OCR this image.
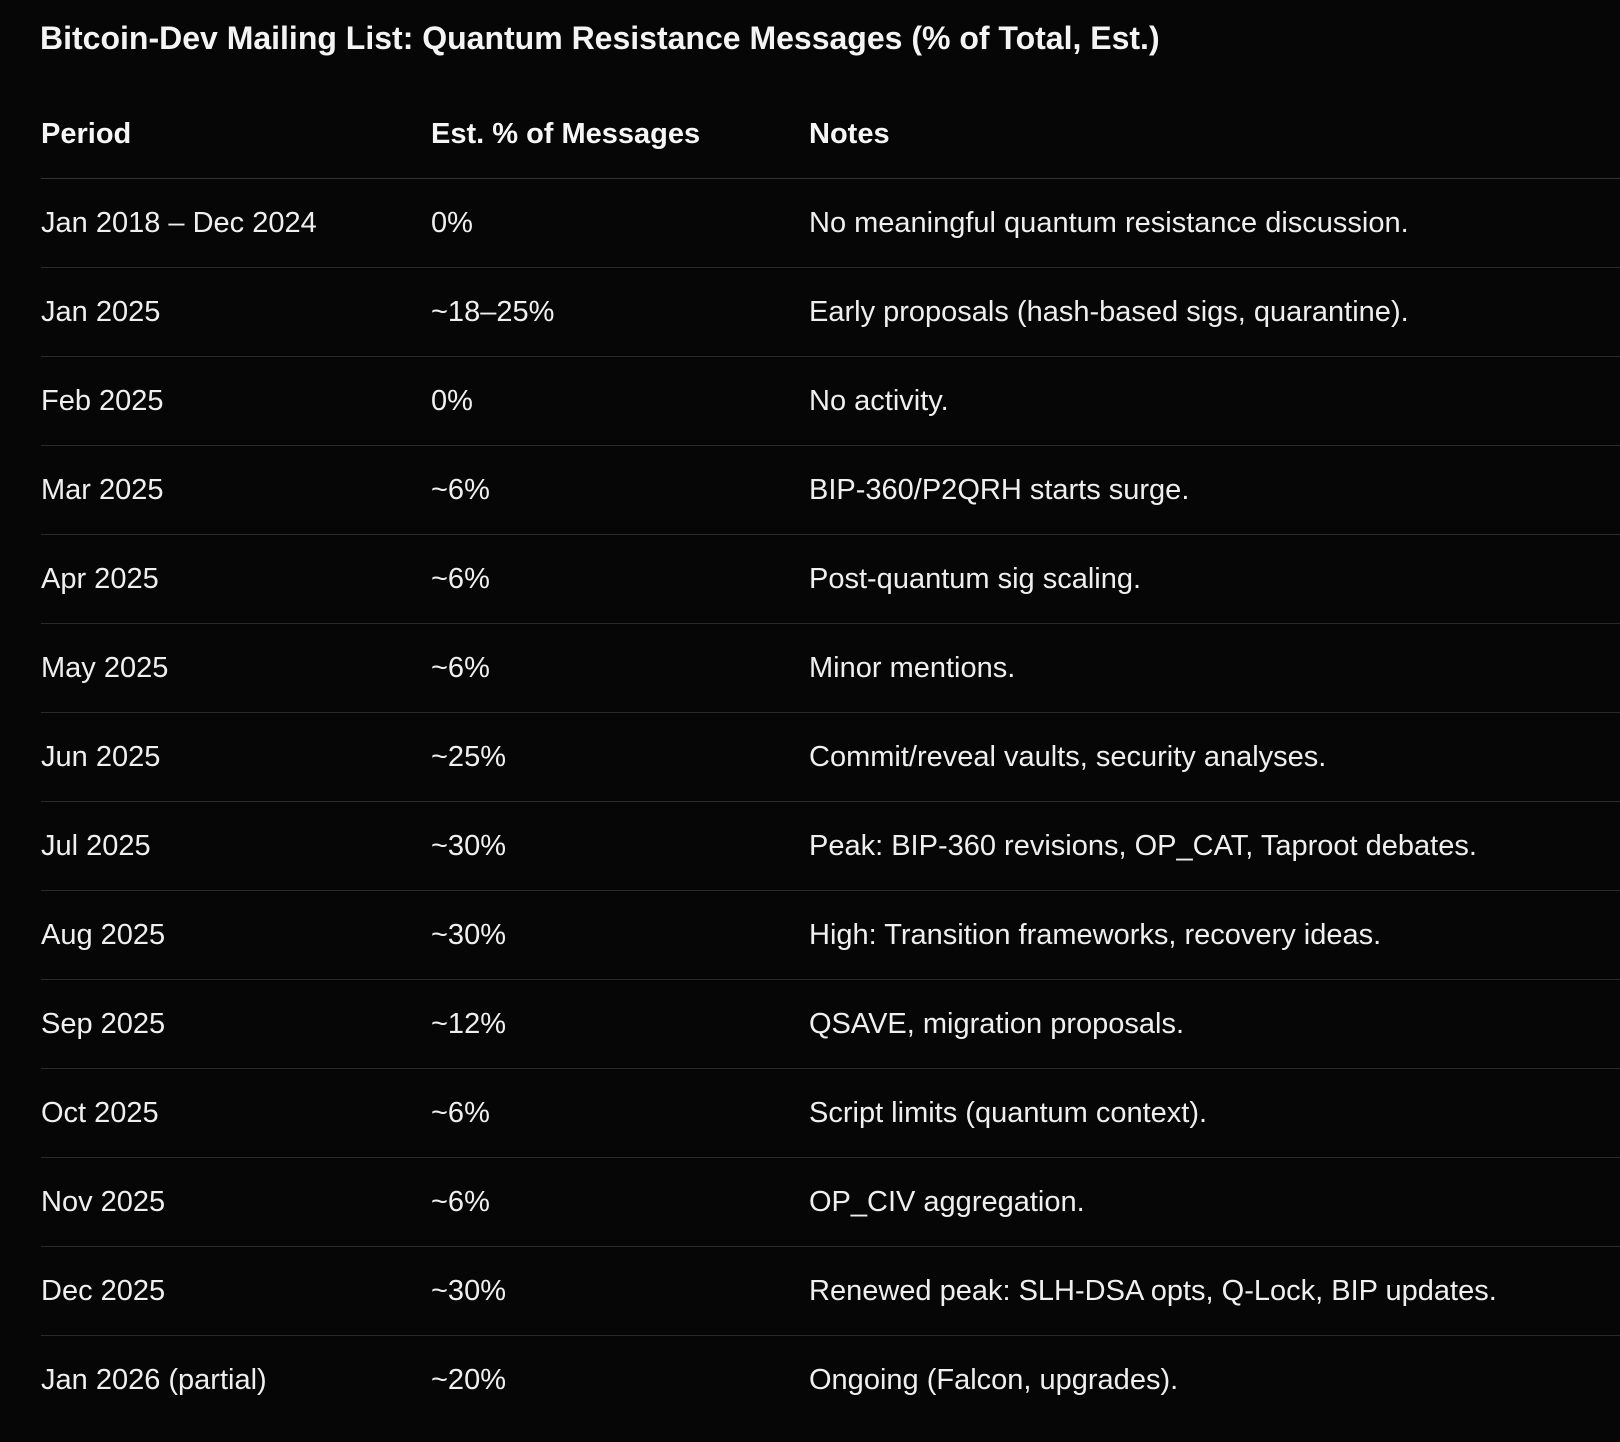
Bitcoin-Dev Mailing List: Quantum Resistance Messages (% of Total, Est.)
Period	Est. % of Messages	Notes
Jan 2018 – Dec 2024	0%	No meaningful quantum resistance discussion.
Jan 2025	~18–25%	Early proposals (hash-based sigs, quarantine).
Feb 2025	0%	No activity.
Mar 2025	~6%	BIP-360/P2QRH starts surge.
Apr 2025	~6%	Post-quantum sig scaling.
May 2025	~6%	Minor mentions.
Jun 2025	~25%	Commit/reveal vaults, security analyses.
Jul 2025	~30%	Peak: BIP-360 revisions, OP_CAT, Taproot debates.
Aug 2025	~30%	High: Transition frameworks, recovery ideas.
Sep 2025	~12%	QSAVE, migration proposals.
Oct 2025	~6%	Script limits (quantum context).
Nov 2025	~6%	OP_CIV aggregation.
Dec 2025	~30%	Renewed peak: SLH-DSA opts, Q-Lock, BIP updates.
Jan 2026 (partial)	~20%	Ongoing (Falcon, upgrades).
